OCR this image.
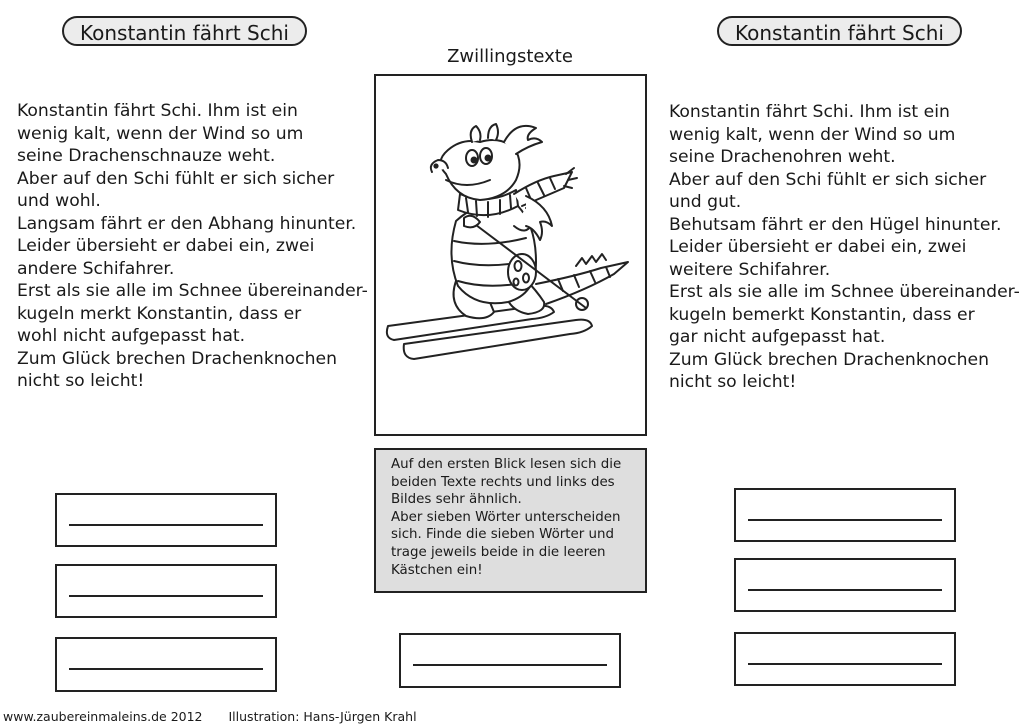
Konstantin fährt Schi	Konstantin fährt Schi
Zwillingstexte
Konstantin fährt Schi. Ihm ist ein
wenig kalt, wenn der Wind so um
seine Drachenschnauze weht.
Aber auf den Schi fühlt er sich sicher
und wohl.
Langsam fährt er den Abhang hinunter.
Leider übersieht er dabei ein, zwei
andere Schifahrer.
Erst als sie alle im Schnee übereinander-
kugeln merkt Konstantin, dass er
wohl nicht aufgepasst hat.
Zum Glück brechen Drachenknochen
nicht so leicht!
Konstantin fährt Schi. Ihm ist ein
wenig kalt, wenn der Wind so um
seine Drachenohren weht.
Aber auf den Schi fühlt er sich sicher
und gut.
Behutsam fährt er den Hügel hinunter.
Leider übersieht er dabei ein, zwei
weitere Schifahrer.
Erst als sie alle im Schnee übereinander-
kugeln bemerkt Konstantin, dass er
gar nicht aufgepasst hat.
Zum Glück brechen Drachenknochen
nicht so leicht!
Auf den ersten Blick lesen sich die
beiden Texte rechts und links des
Bildes sehr ähnlich.
Aber sieben Wörter unterscheiden
sich. Finde die sieben Wörter und
trage jeweils beide in die leeren
Kästchen ein!
www.zaubereinmaleins.de 2012 Illustration: Hans-Jürgen Krahl
